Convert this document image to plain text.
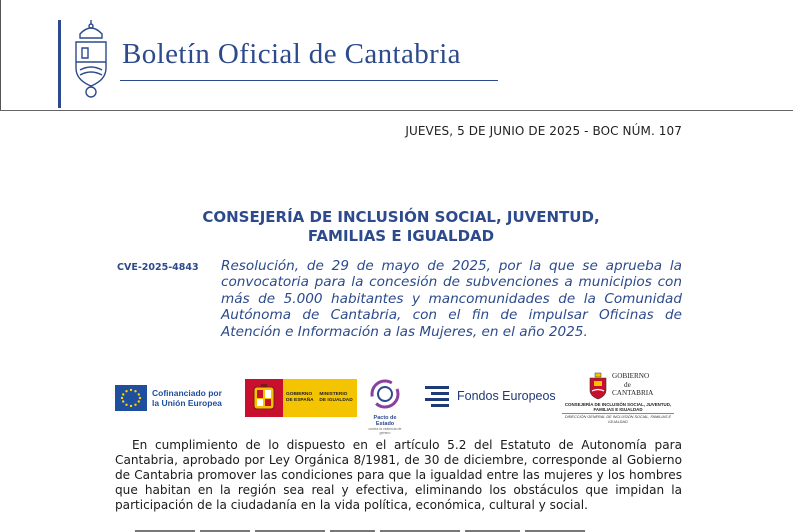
Boletín Oficial de Cantabria
JUEVES, 5 DE JUNIO DE 2025 - BOC NÚM. 107
CONSEJERÍA DE INCLUSIÓN SOCIAL, JUVENTUD,
FAMILIAS E IGUALDAD
CVE-2025-4843 Resolución, de 29 de mayo de 2025, por la que se aprueba la convocatoria para la concesión de subvenciones a municipios con más de 5.000 habitantes y mancomunidades de la Comunidad Autónoma de Cantabria, con el fin de impulsar Oficinas de Atención e Información a las Mujeres, en el año 2025.

Cofinanciado por
la Unión Europea
GOBIERNO DE ESPAÑA
MINISTERIO DE IGUALDAD
Pacto de Estado
contra la violencia de género
Fondos Europeos
GOBIERNO
de
CANTABRIA
CONSEJERÍA DE INCLUSIÓN SOCIAL, JUVENTUD, FAMILIAS E IGUALDAD
DIRECCIÓN GENERAL DE INCLUSIÓN SOCIAL, FAMILIAS E IGUALDAD

En cumplimiento de lo dispuesto en el artículo 5.2 del Estatuto de Autonomía para Cantabria, aprobado por Ley Orgánica 8/1981, de 30 de diciembre, corresponde al Gobierno de Cantabria promover las condiciones para que la igualdad entre las mujeres y los hombres que habitan en la región sea real y efectiva, eliminando los obstáculos que impidan la participación de la ciudadanía en la vida política, económica, cultural y social.
